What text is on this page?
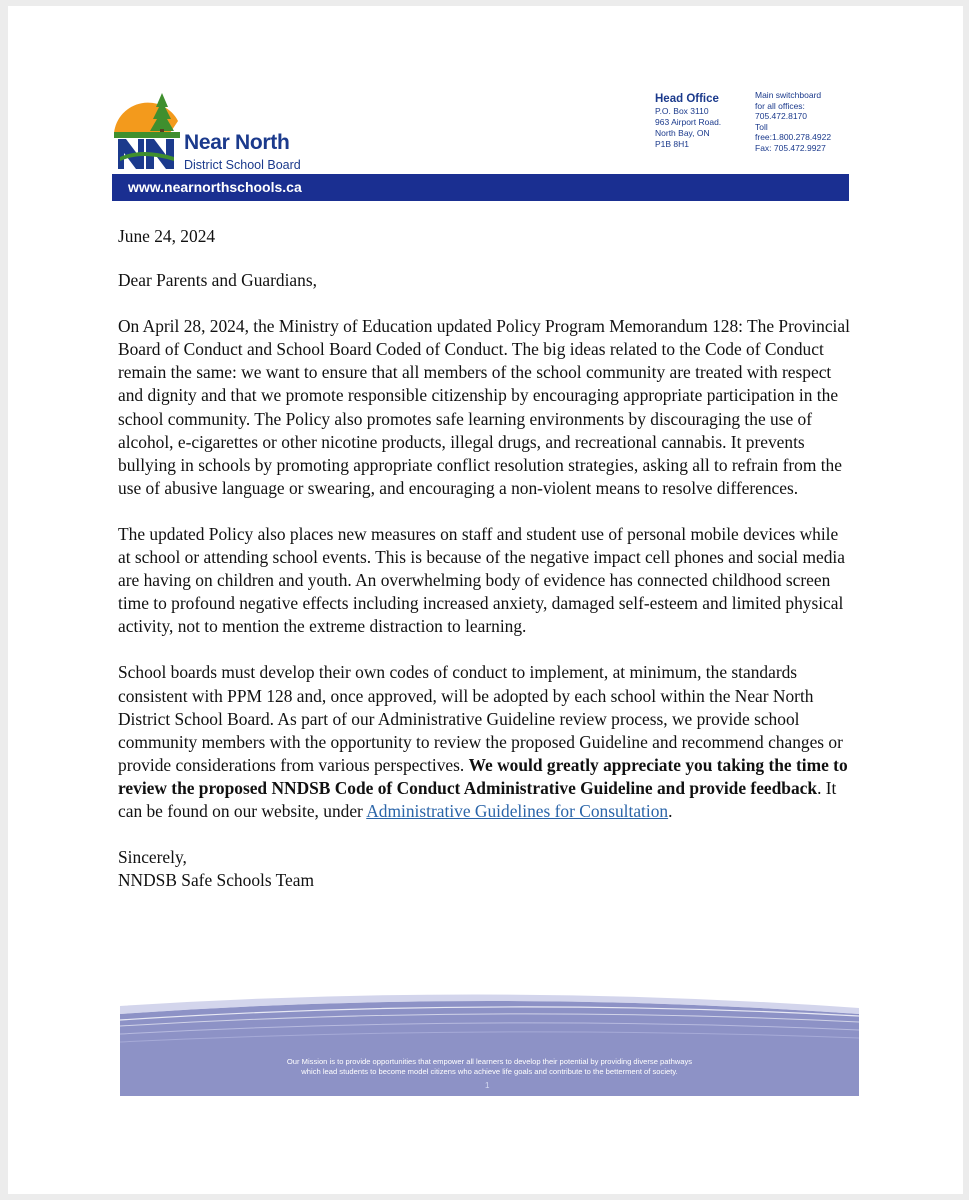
Near North
District School Board
Head Office
P.O. Box 3110
963 Airport Road.
North Bay, ON
P1B 8H1
Main switchboard
for all offices:
705.472.8170
Toll
free:1.800.278.4922
Fax: 705.472.9927
www.nearnorthschools.ca

June 24, 2024

Dear Parents and Guardians,

On April 28, 2024, the Ministry of Education updated Policy Program Memorandum 128: The Provincial Board of Conduct and School Board Coded of Conduct. The big ideas related to the Code of Conduct remain the same: we want to ensure that all members of the school community are treated with respect and dignity and that we promote responsible citizenship by encouraging appropriate participation in the school community. The Policy also promotes safe learning environments by discouraging the use of alcohol, e-cigarettes or other nicotine products, illegal drugs, and recreational cannabis. It prevents bullying in schools by promoting appropriate conflict resolution strategies, asking all to refrain from the use of abusive language or swearing, and encouraging a non-violent means to resolve differences.

The updated Policy also places new measures on staff and student use of personal mobile devices while at school or attending school events. This is because of the negative impact cell phones and social media are having on children and youth. An overwhelming body of evidence has connected childhood screen time to profound negative effects including increased anxiety, damaged self-esteem and limited physical activity, not to mention the extreme distraction to learning.

School boards must develop their own codes of conduct to implement, at minimum, the standards consistent with PPM 128 and, once approved, will be adopted by each school within the Near North District School Board. As part of our Administrative Guideline review process, we provide school community members with the opportunity to review the proposed Guideline and recommend changes or provide considerations from various perspectives. We would greatly appreciate you taking the time to review the proposed NNDSB Code of Conduct Administrative Guideline and provide feedback. It can be found on our website, under Administrative Guidelines for Consultation.

Sincerely,
NNDSB Safe Schools Team
Our Mission is to provide opportunities that empower all learners to develop their potential by providing diverse pathways
which lead students to become model citizens who achieve life goals and contribute to the betterment of society.
1
